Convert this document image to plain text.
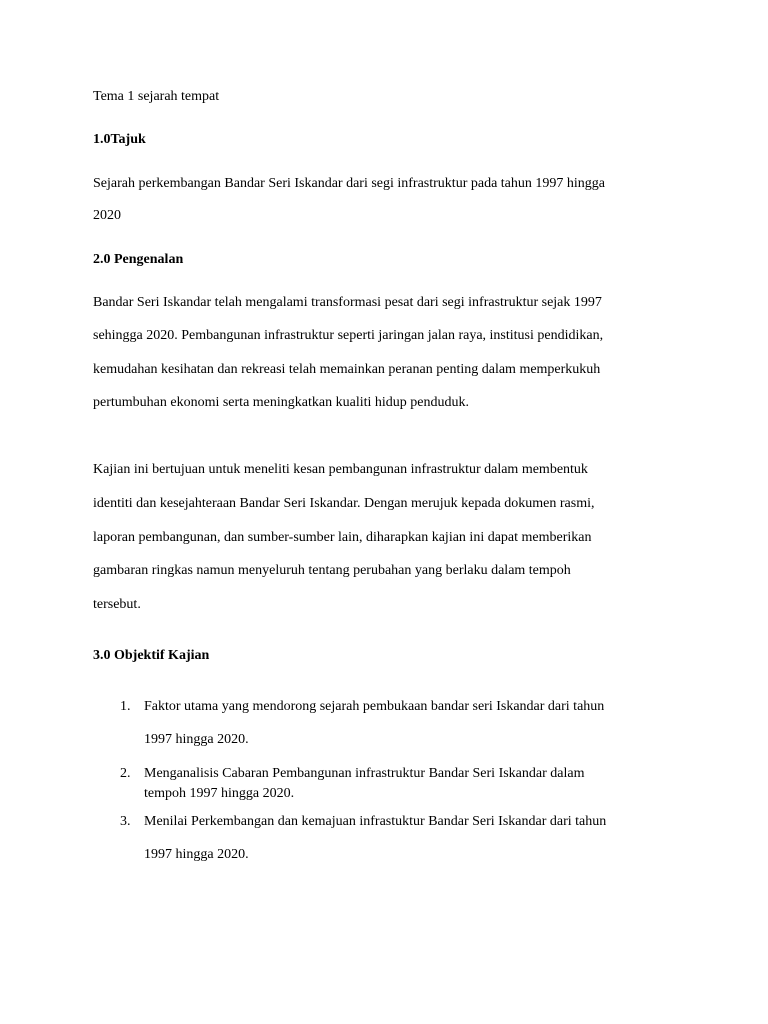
Tema 1 sejarah tempat
1.0Tajuk
Sejarah perkembangan Bandar Seri Iskandar dari segi infrastruktur pada tahun 1997 hingga
2020
2.0 Pengenalan
Bandar Seri Iskandar telah mengalami transformasi pesat dari segi infrastruktur sejak 1997
sehingga 2020. Pembangunan infrastruktur seperti jaringan jalan raya, institusi pendidikan,
kemudahan kesihatan dan rekreasi telah memainkan peranan penting dalam memperkukuh
pertumbuhan ekonomi serta meningkatkan kualiti hidup penduduk.
Kajian ini bertujuan untuk meneliti kesan pembangunan infrastruktur dalam membentuk
identiti dan kesejahteraan Bandar Seri Iskandar. Dengan merujuk kepada dokumen rasmi,
laporan pembangunan, dan sumber-sumber lain, diharapkan kajian ini dapat memberikan
gambaran ringkas namun menyeluruh tentang perubahan yang berlaku dalam tempoh
tersebut.
3.0 Objektif Kajian
1. Faktor utama yang mendorong sejarah pembukaan bandar seri Iskandar dari tahun
1997 hingga 2020.
2. Menganalisis Cabaran Pembangunan infrastruktur Bandar Seri Iskandar dalam
tempoh 1997 hingga 2020.
3. Menilai Perkembangan dan kemajuan infrastuktur Bandar Seri Iskandar dari tahun
1997 hingga 2020.
